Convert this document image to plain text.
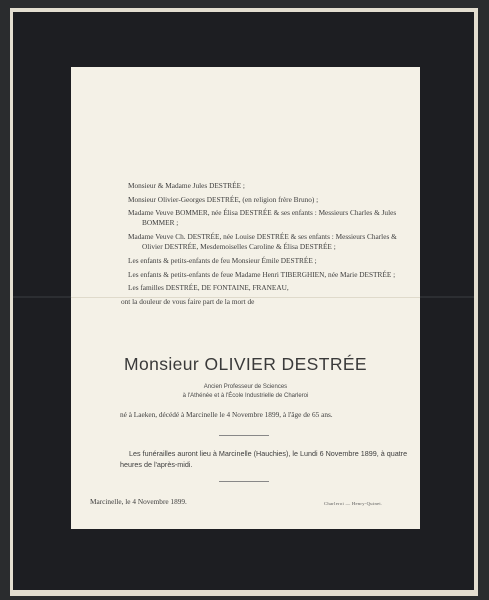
Monsieur & Madame Jules DESTRÉE ;
Monsieur Olivier-Georges DESTRÉE, (en religion frère Bruno) ;
Madame Veuve BOMMER, née Élisa DESTRÉE & ses enfants : Messieurs Charles & Jules BOMMER ;
Madame Veuve Ch. DESTRÉE, née Louise DESTRÉE & ses enfants : Messieurs Charles & Olivier DESTRÉE, Mesdemoiselles Caroline & Élisa DESTRÉE ;
Les enfants & petits-enfants de feu Monsieur Émile DESTRÉE ;
Les enfants & petits-enfants de feue Madame Henri TIBERGHIEN, née Marie DESTRÉE ;
Les familles DESTRÉE, DE FONTAINE, FRANEAU,
ont la douleur de vous faire part de la mort de
Monsieur OLIVIER DESTRÉE
Ancien Professeur de Sciences
à l'Athénée et à l'École Industrielle de Charleroi
né à Laeken, décédé à Marcinelle le 4 Novembre 1899, à l'âge de 65 ans.
Les funérailles auront lieu à Marcinelle (Hauchies), le Lundi 6 Novembre 1899, à quatre heures de l'après-midi.
Marcinelle, le 4 Novembre 1899.	Charleroi — Henry-Quinet.
